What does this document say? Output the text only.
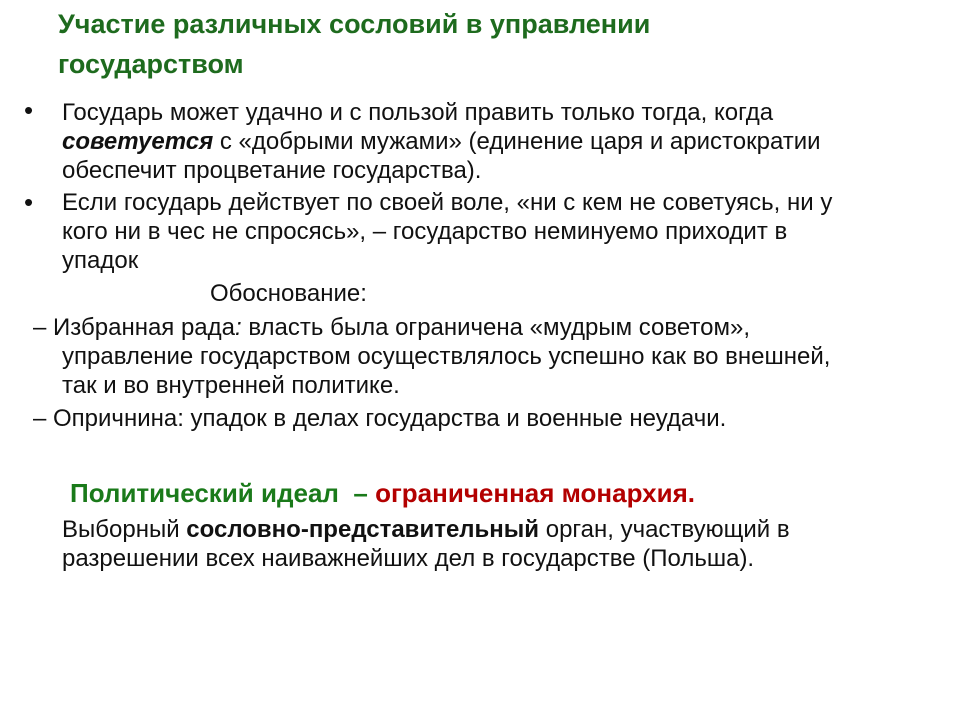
Участие различных сословий в управлении
государством
• Государь может удачно и с пользой править только тогда, когда
советуется с «добрыми мужами» (единение царя и аристократии
обеспечит процветание государства).
• Если государь действует по своей воле, «ни с кем не советуясь, ни у
кого ни в чес не спросясь», – государство неминуемо приходит в
упадок
Обоснование:
– Избранная рада: власть была ограничена «мудрым советом»,
управление государством осуществлялось успешно как во внешней,
так и во внутренней политике.
– Опричнина: упадок в делах государства и военные неудачи.
Политический идеал – ограниченная монархия.
Выборный сословно-представительный орган, участвующий в
разрешении всех наиважнейших дел в государстве (Польша).
